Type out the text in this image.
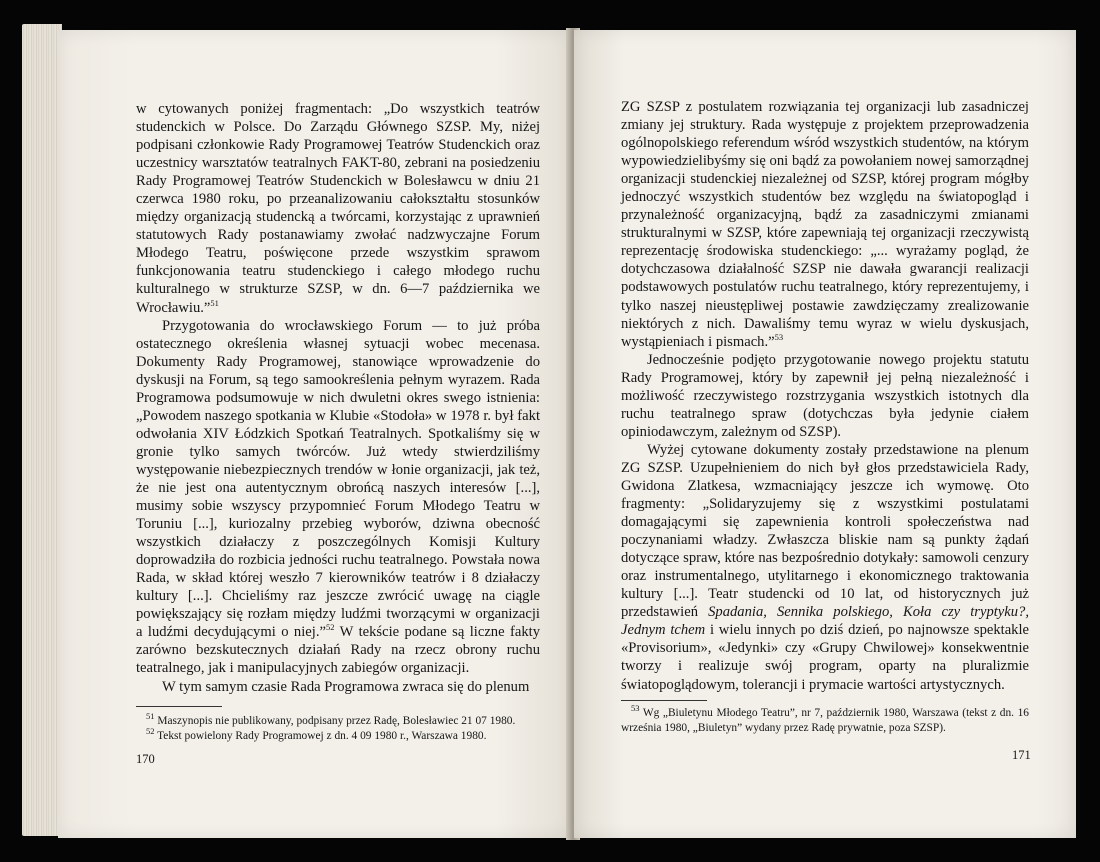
w cytowanych poniżej fragmentach: „Do wszystkich teatrów studenckich w Polsce. Do Zarządu Głównego SZSP. My, niżej podpisani członkowie Rady Programowej Teatrów Studenckich oraz uczestnicy warsztatów teatralnych FAKT-80, zebrani na posiedzeniu Rady Programowej Teatrów Studenckich w Bolesławcu w dniu 21 czerwca 1980 roku, po przeanalizowaniu całokształtu stosunków między organizacją studencką a twórcami, korzystając z uprawnień statutowych Rady postanawiamy zwołać nadzwyczajne Forum Młodego Teatru, poświęcone przede wszystkim sprawom funkcjonowania teatru studenckiego i całego młodego ruchu kulturalnego w strukturze SZSP, w dn. 6—7 października we Wrocławiu.”$^{51}$

Przygotowania do wrocławskiego Forum — to już próba ostatecznego określenia własnej sytuacji wobec mecenasa. Dokumenty Rady Programowej, stanowiące wprowadzenie do dyskusji na Forum, są tego samookreślenia pełnym wyrazem. Rada Programowa podsumowuje w nich dwuletni okres swego istnienia: „Powodem naszego spotkania w Klubie «Stodoła» w 1978 r. był fakt odwołania XIV Łódzkich Spotkań Teatralnych. Spotkaliśmy się w gronie tylko samych twórców. Już wtedy stwierdziliśmy występowanie niebezpiecznych trendów w łonie organizacji, jak też, że nie jest ona autentycznym obrońcą naszych interesów [...], musimy sobie wszyscy przypomnieć Forum Młodego Teatru w Toruniu [...], kuriozalny przebieg wyborów, dziwna obecność wszystkich działaczy z poszczególnych Komisji Kultury doprowadziła do rozbicia jedności ruchu teatralnego. Powstała nowa Rada, w skład której weszło 7 kierowników teatrów i 8 działaczy kultury [...]. Chcieliśmy raz jeszcze zwrócić uwagę na ciągle powiększający się rozłam między ludźmi tworzącymi w organizacji a ludźmi decydującymi o niej.”$^{52}$ W tekście podane są liczne fakty zarówno bezskutecznych działań Rady na rzecz obrony ruchu teatralnego, jak i manipulacyjnych zabiegów organizacji.

W tym samym czasie Rada Programowa zwraca się do plenum

$^{51}$ Maszynopis nie publikowany, podpisany przez Radę, Bolesławiec 21 07 1980.

$^{52}$ Tekst powielony Rady Programowej z dn. 4 09 1980 r., Warszawa 1980.

170

ZG SZSP z postulatem rozwiązania tej organizacji lub zasadniczej zmiany jej struktury. Rada występuje z projektem przeprowadzenia ogólnopolskiego referendum wśród wszystkich studentów, na którym wypowiedzielibyśmy się oni bądź za powołaniem nowej samorządnej organizacji studenckiej niezależnej od SZSP, której program mógłby jednoczyć wszystkich studentów bez względu na światopogląd i przynależność organizacyjną, bądź za zasadniczymi zmianami strukturalnymi w SZSP, które zapewniają tej organizacji rzeczywistą reprezentację środowiska studenckiego: „... wyrażamy pogląd, że dotychczasowa działalność SZSP nie dawała gwarancji realizacji podstawowych postulatów ruchu teatralnego, który reprezentujemy, i tylko naszej nieustępliwej postawie zawdzięczamy zrealizowanie niektórych z nich. Dawaliśmy temu wyraz w wielu dyskusjach, wystąpieniach i pismach.”$^{53}$

Jednocześnie podjęto przygotowanie nowego projektu statutu Rady Programowej, który by zapewnił jej pełną niezależność i możliwość rzeczywistego rozstrzygania wszystkich istotnych dla ruchu teatralnego spraw (dotychczas była jedynie ciałem opiniodawczym, zależnym od SZSP).

Wyżej cytowane dokumenty zostały przedstawione na plenum ZG SZSP. Uzupełnieniem do nich był głos przedstawiciela Rady, Gwidona Zlatkesa, wzmacniający jeszcze ich wymowę. Oto fragmenty: „Solidaryzujemy się z wszystkimi postulatami domagającymi się zapewnienia kontroli społeczeństwa nad poczynaniami władzy. Zwłaszcza bliskie nam są punkty żądań dotyczące spraw, które nas bezpośrednio dotykały: samowoli cenzury oraz instrumentalnego, utylitarnego i ekonomicznego traktowania kultury [...]. Teatr studencki od 10 lat, od historycznych już przedstawień Spadania, Sennika polskiego, Koła czy tryptyku?, Jednym tchem i wielu innych po dziś dzień, po najnowsze spektakle «Provisorium», «Jedynki» czy «Grupy Chwilowej» konsekwentnie tworzy i realizuje swój program, oparty na pluralizmie światopoglądowym, tolerancji i prymacie wartości artystycznych.

$^{53}$ Wg „Biuletynu Młodego Teatru”, nr 7, październik 1980, Warszawa (tekst z dn. 16 września 1980, „Biuletyn” wydany przez Radę prywatnie, poza SZSP).

171
